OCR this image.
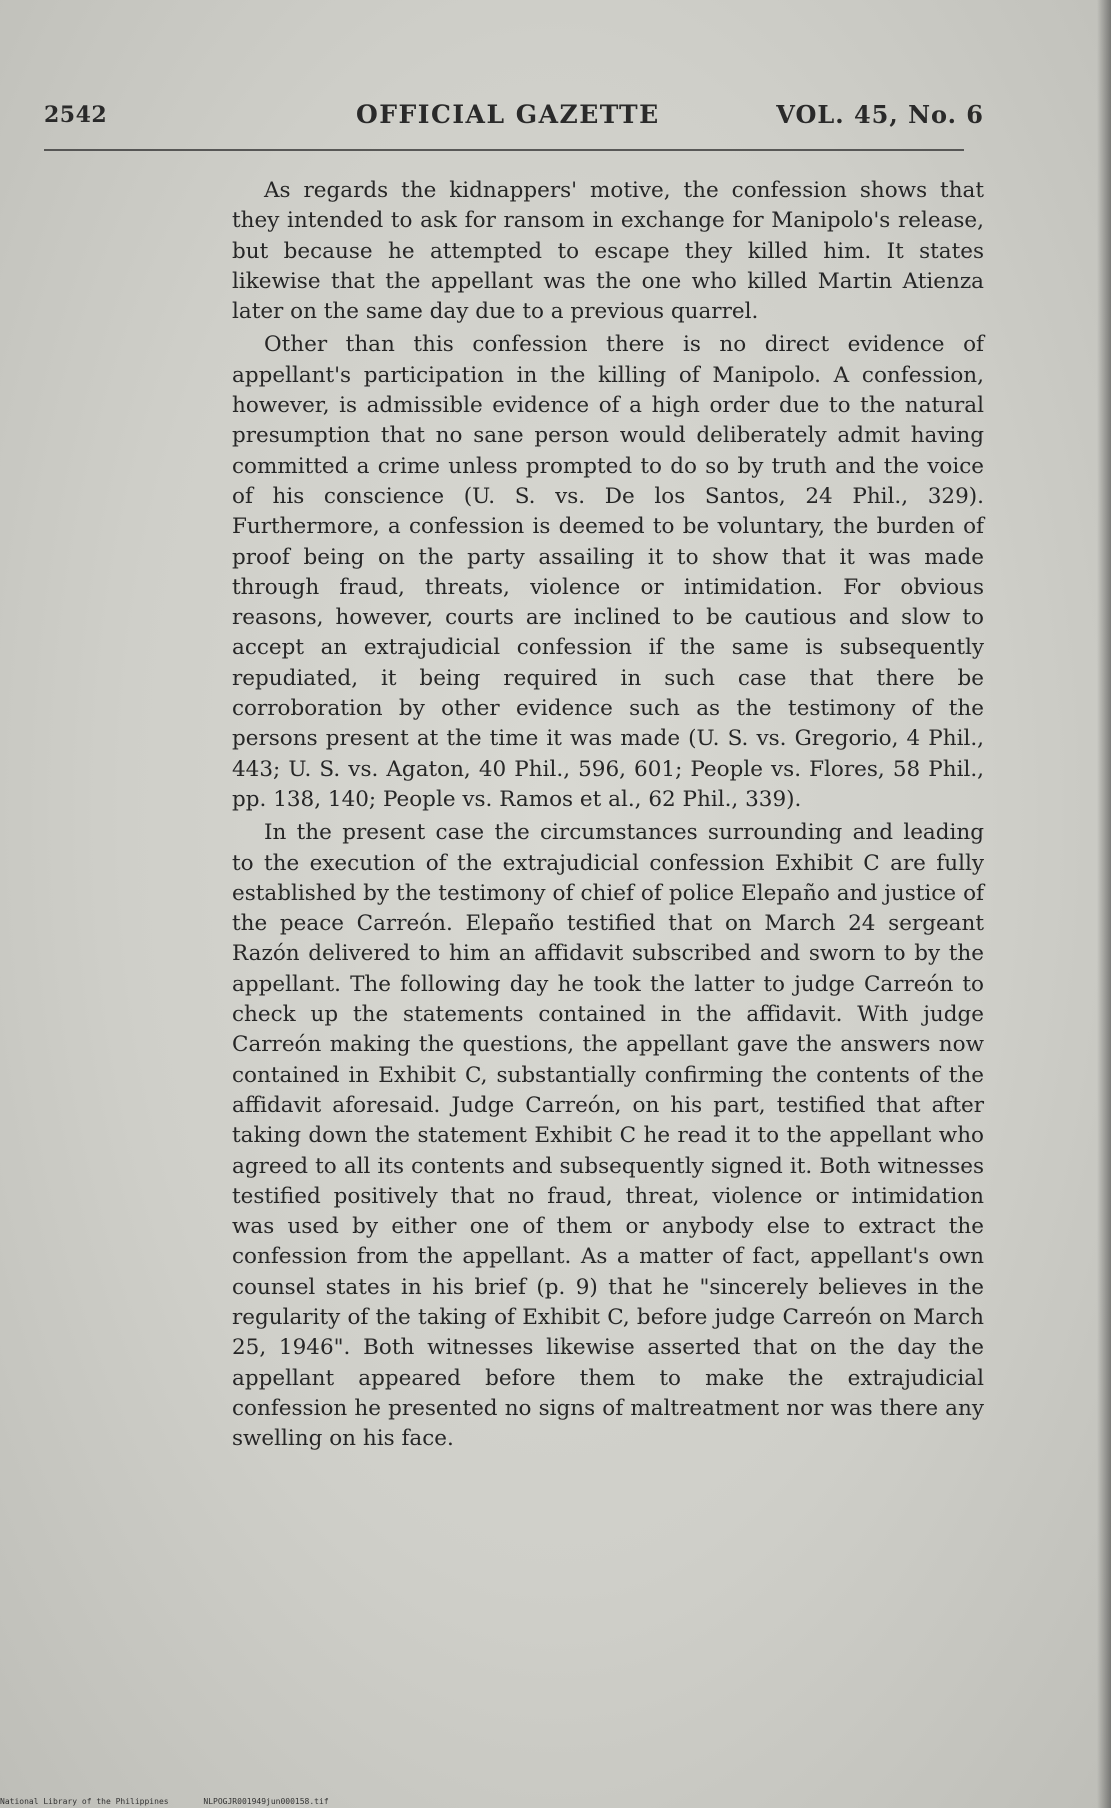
2542	OFFICIAL GAZETTE	VOL. 45, No. 6

As regards the kidnappers' motive, the confession shows that they intended to ask for ransom in exchange for Manipolo's release, but because he attempted to escape they killed him. It states likewise that the appellant was the one who killed Martin Atienza later on the same day due to a previous quarrel.

Other than this confession there is no direct evidence of appellant's participation in the killing of Manipolo. A confession, however, is admissible evidence of a high order due to the natural presumption that no sane person would deliberately admit having committed a crime unless prompted to do so by truth and the voice of his conscience (U. S. vs. De los Santos, 24 Phil., 329). Furthermore, a confession is deemed to be voluntary, the burden of proof being on the party assailing it to show that it was made through fraud, threats, violence or intimidation. For obvious reasons, however, courts are inclined to be cautious and slow to accept an extrajudicial confession if the same is subsequently repudiated, it being required in such case that there be corroboration by other evidence such as the testimony of the persons present at the time it was made (U. S. vs. Gregorio, 4 Phil., 443; U. S. vs. Agaton, 40 Phil., 596, 601; People vs. Flores, 58 Phil., pp. 138, 140; People vs. Ramos et al., 62 Phil., 339).

In the present case the circumstances surrounding and leading to the execution of the extrajudicial confession Exhibit C are fully established by the testimony of chief of police Elepaño and justice of the peace Carreón. Elepaño testified that on March 24 sergeant Razón delivered to him an affidavit subscribed and sworn to by the appellant. The following day he took the latter to judge Carreón to check up the statements contained in the affidavit. With judge Carreón making the questions, the appellant gave the answers now contained in Exhibit C, substantially confirming the contents of the affidavit aforesaid. Judge Carreón, on his part, testified that after taking down the statement Exhibit C he read it to the appellant who agreed to all its contents and subsequently signed it. Both witnesses testified positively that no fraud, threat, violence or intimidation was used by either one of them or anybody else to extract the confession from the appellant. As a matter of fact, appellant's own counsel states in his brief (p. 9) that he "sincerely believes in the regularity of the taking of Exhibit C, before judge Carreón on March 25, 1946". Both witnesses likewise asserted that on the day the appellant appeared before them to make the extrajudicial confession he presented no signs of maltreatment nor was there any swelling on his face.

National Library of the Philippines	NLPOGJR001949jun000158.tif
